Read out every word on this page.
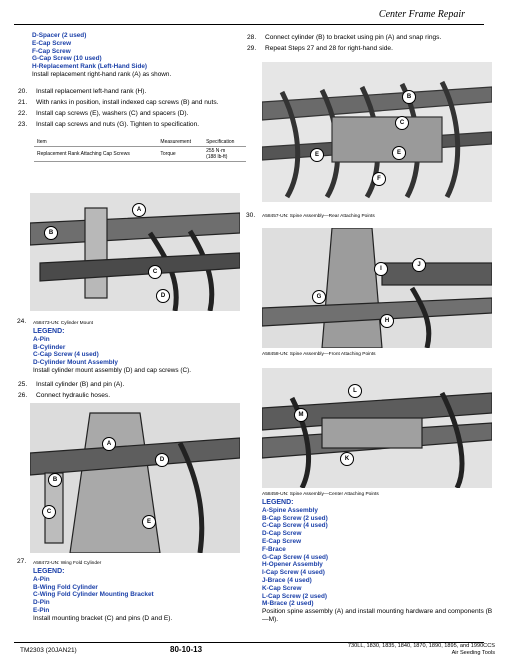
Center Frame Repair
D-Spacer (2 used)
E-Cap Screw
F-Cap Screw
G-Cap Screw (10 used)
H-Replacement Rank (Left-Hand Side)
Install replacement right-hand rank (A) as shown.
20.	Install replacement left-hand rank (H).
21.	With ranks in position, install indexed cap screws (B) and nuts.
22.	Install cap screws (E), washers (C) and spacers (D).
23.	Install cap screws and nuts (G). Tighten to specification.
Item	Measurement	Specification
Replacement Rank Attaching Cap Screws	Torque	255 N·m
(188 lb-ft)
28.	Connect cylinder (B) to bracket using pin (A) and snap rings.
29.	Repeat Steps 27 and 28 for right-hand side.
B
C
E
E
F
A
B
C
D
24. A58473-UN: Cylinder Mount
LEGEND:
A-Pin
B-Cylinder
C-Cap Screw (4 used)
D-Cylinder Mount Assembly
Install cylinder mount assembly (D) and cap screws (C).
25.	Install cylinder (B) and pin (A).
26.	Connect hydraulic hoses.
30. A58457-UN: Spine Assembly—Rear Attaching Points
I
J
G
H
A58458-UN: Spine Assembly—Front Attaching Points
M
L
K
A58459-UN: Spine Assembly—Center Attaching Points
LEGEND:
A-Spine Assembly
B-Cap Screw (2 used)
C-Cap Screw (4 used)
D-Cap Screw
E-Cap Screw
F-Brace
G-Cap Screw (4 used)
H-Opener Assembly
I-Cap Screw (4 used)
J-Brace (4 used)
K-Cap Screw
L-Cap Screw (2 used)
M-Brace (2 used)
Position spine assembly (A) and install mounting hardware and components (B—M).
A
D
B
C
E
27. A58472-UN: Wing Fold Cylinder
LEGEND:
A-Pin
B-Wing Fold Cylinder
C-Wing Fold Cylinder Mounting Bracket
D-Pin
E-Pin
Install mounting bracket (C) and pins (D and E).
TM2303 (20JAN21)	80-10-13	730LL, 1830, 1835, 1840, 1870, 1890, 1895, and 1990CCS
Air Seeding Tools
